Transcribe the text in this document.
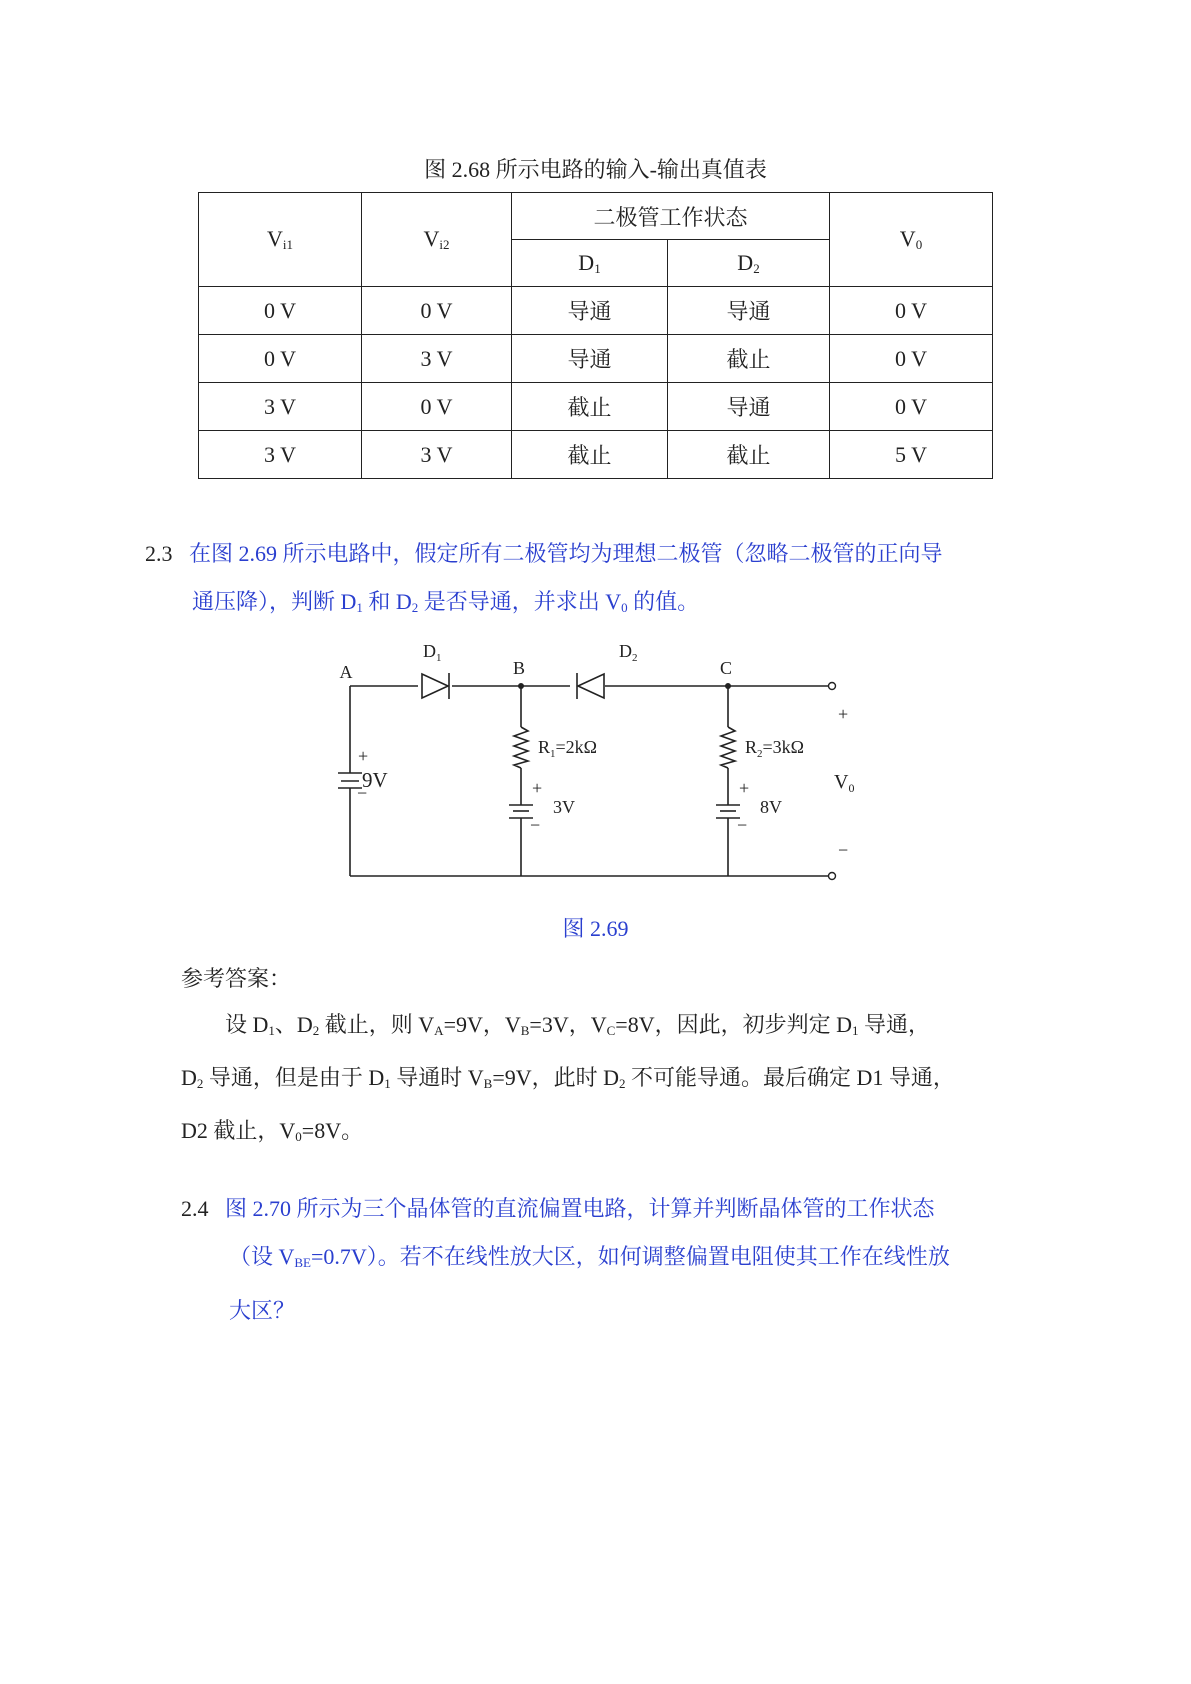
图 2.68 所示电路的输入-输出真值表
$V_{i1}$	$V_{i2}$	二极管工作状态		$V_0$
		$D_1$	$D_2$
0 V	0 V	导通	导通	0 V
0 V	3 V	导通	截止	0 V
3 V	0 V	截止	导通	0 V
3 V	3 V	截止	截止	5 V
2.3 在图 2.69 所示电路中，假定所有二极管均为理想二极管（忽略二极管的正向导
通压降），判断 $D_1$ 和 $D_2$ 是否导通，并求出 $V_0$ 的值。
A	B	C
$D_1$	$D_2$
$R_1=2k\Omega$	$R_2=3k\Omega$
+
9V
−	+
3V
−
+
8V
−
+
−
$V_0$
图 2.69
参考答案：
设 $D_1$、$D_2$ 截止，则 $V_A=9V$，$V_B=3V$，$V_C=8V$，因此，初步判定 $D_1$ 导通，
$D_2$ 导通，但是由于 $D_1$ 导通时 $V_B=9V$，此时 $D_2$ 不可能导通。最后确定 D1 导通，
D2 截止，$V_0=8V$。
2.4 图 2.70 所示为三个晶体管的直流偏置电路，计算并判断晶体管的工作状态
（设 $V_{BE}=0.7V$）。若不在线性放大区，如何调整偏置电阻使其工作在线性放
大区？
